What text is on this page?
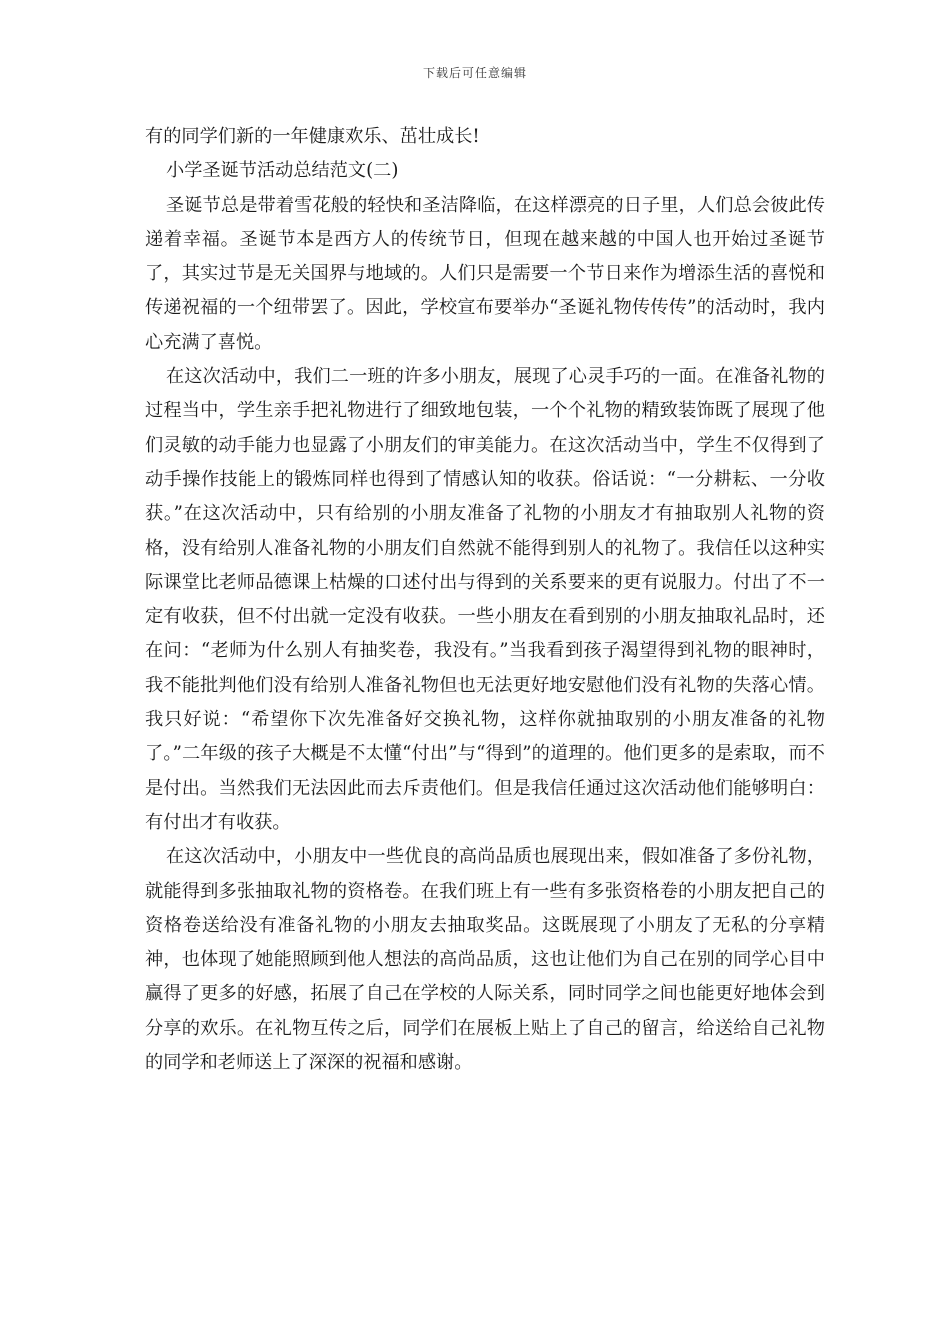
下载后可任意编辑

有的同学们新的一年健康欢乐、茁壮成长!

小学圣诞节活动总结范文(二)

圣诞节总是带着雪花般的轻快和圣洁降临，在这样漂亮的日子里，人们总会彼此传递着幸福。圣诞节本是西方人的传统节日，但现在越来越的中国人也开始过圣诞节了，其实过节是无关国界与地域的。人们只是需要一个节日来作为增添生活的喜悦和传递祝福的一个纽带罢了。因此，学校宣布要举办“圣诞礼物传传传”的活动时，我内心充满了喜悦。

在这次活动中，我们二一班的许多小朋友，展现了心灵手巧的一面。在准备礼物的过程当中，学生亲手把礼物进行了细致地包装，一个个礼物的精致装饰既了展现了他们灵敏的动手能力也显露了小朋友们的审美能力。在这次活动当中，学生不仅得到了动手操作技能上的锻炼同样也得到了情感认知的收获。俗话说：“一分耕耘、一分收获。”在这次活动中，只有给别的小朋友准备了礼物的小朋友才有抽取别人礼物的资格，没有给别人准备礼物的小朋友们自然就不能得到别人的礼物了。我信任以这种实际课堂比老师品德课上枯燥的口述付出与得到的关系要来的更有说服力。付出了不一定有收获，但不付出就一定没有收获。一些小朋友在看到别的小朋友抽取礼品时，还在问：“老师为什么别人有抽奖卷，我没有。”当我看到孩子渴望得到礼物的眼神时，我不能批判他们没有给别人准备礼物但也无法更好地安慰他们没有礼物的失落心情。我只好说：“希望你下次先准备好交换礼物，这样你就抽取别的小朋友准备的礼物了。”二年级的孩子大概是不太懂“付出”与“得到”的道理的。他们更多的是索取，而不是付出。当然我们无法因此而去斥责他们。但是我信任通过这次活动他们能够明白：有付出才有收获。

在这次活动中，小朋友中一些优良的高尚品质也展现出来，假如准备了多份礼物，就能得到多张抽取礼物的资格卷。在我们班上有一些有多张资格卷的小朋友把自己的资格卷送给没有准备礼物的小朋友去抽取奖品。这既展现了小朋友了无私的分享精神，也体现了她能照顾到他人想法的高尚品质，这也让他们为自己在别的同学心目中赢得了更多的好感，拓展了自己在学校的人际关系，同时同学之间也能更好地体会到分享的欢乐。在礼物互传之后，同学们在展板上贴上了自己的留言，给送给自己礼物的同学和老师送上了深深的祝福和感谢。
